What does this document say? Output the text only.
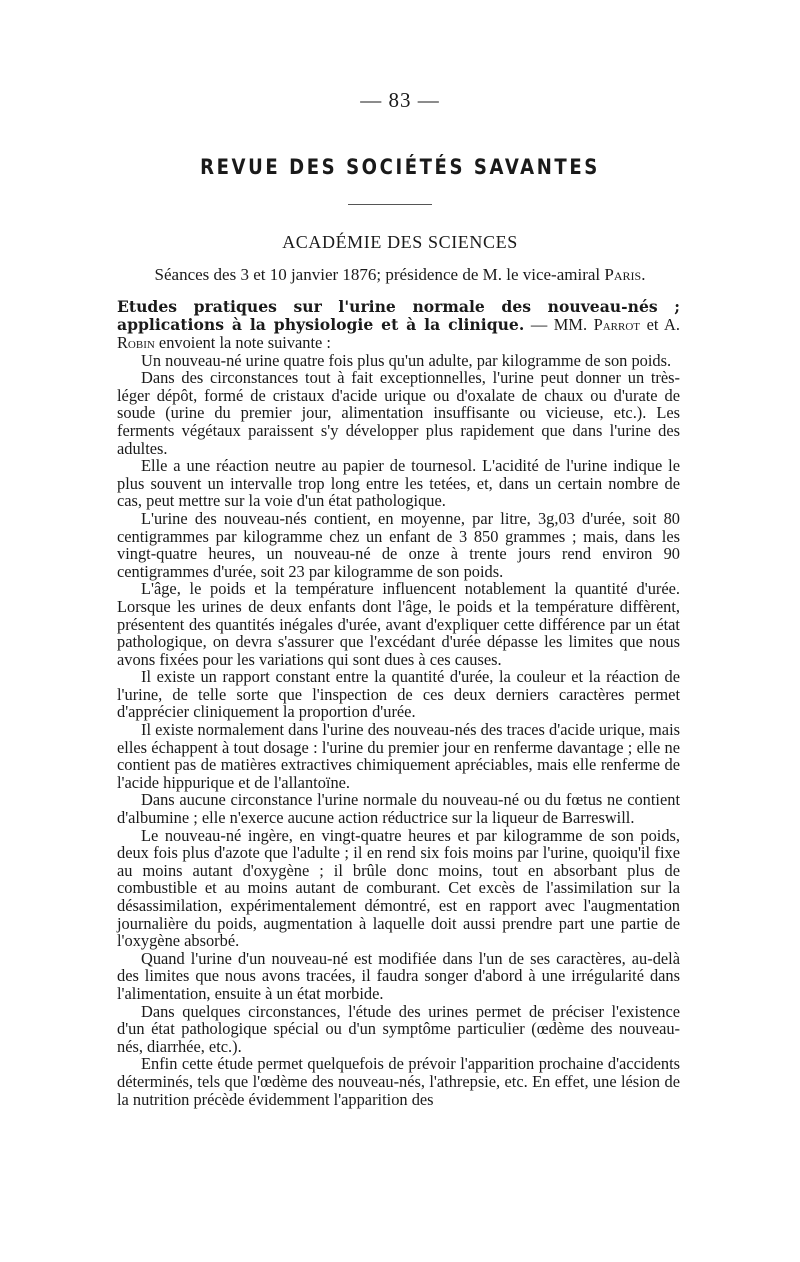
— 83 —
REVUE DES SOCIÉTÉS SAVANTES
ACADÉMIE DES SCIENCES
Séances des 3 et 10 janvier 1876; présidence de M. le vice-amiral Paris.

Etudes pratiques sur l'urine normale des nouveau-nés ; applications à la physiologie et à la clinique. — MM. Parrot et A. Robin envoient la note suivante :

Un nouveau-né urine quatre fois plus qu'un adulte, par kilogramme de son poids.

Dans des circonstances tout à fait exceptionnelles, l'urine peut donner un très-léger dépôt, formé de cristaux d'acide urique ou d'oxalate de chaux ou d'urate de soude (urine du premier jour, alimentation insuffisante ou vicieuse, etc.). Les ferments végétaux paraissent s'y développer plus rapidement que dans l'urine des adultes.

Elle a une réaction neutre au papier de tournesol. L'acidité de l'urine indique le plus souvent un intervalle trop long entre les tetées, et, dans un certain nombre de cas, peut mettre sur la voie d'un état pathologique.

L'urine des nouveau-nés contient, en moyenne, par litre, 3g,03 d'urée, soit 80 centigrammes par kilogramme chez un enfant de 3 850 grammes ; mais, dans les vingt-quatre heures, un nouveau-né de onze à trente jours rend environ 90 centigrammes d'urée, soit 23 par kilogramme de son poids.

L'âge, le poids et la température influencent notablement la quantité d'urée. Lorsque les urines de deux enfants dont l'âge, le poids et la température diffèrent, présentent des quantités inégales d'urée, avant d'expliquer cette différence par un état pathologique, on devra s'assurer que l'excédant d'urée dépasse les limites que nous avons fixées pour les variations qui sont dues à ces causes.

Il existe un rapport constant entre la quantité d'urée, la couleur et la réaction de l'urine, de telle sorte que l'inspection de ces deux derniers caractères permet d'apprécier cliniquement la proportion d'urée.

Il existe normalement dans l'urine des nouveau-nés des traces d'acide urique, mais elles échappent à tout dosage : l'urine du premier jour en renferme davantage ; elle ne contient pas de matières extractives chimiquement apréciables, mais elle renferme de l'acide hippurique et de l'allantoïne.

Dans aucune circonstance l'urine normale du nouveau-né ou du fœtus ne contient d'albumine ; elle n'exerce aucune action réductrice sur la liqueur de Barreswill.

Le nouveau-né ingère, en vingt-quatre heures et par kilogramme de son poids, deux fois plus d'azote que l'adulte ; il en rend six fois moins par l'urine, quoiqu'il fixe au moins autant d'oxygène ; il brûle donc moins, tout en absorbant plus de combustible et au moins autant de comburant. Cet excès de l'assimilation sur la désassimilation, expérimentalement démontré, est en rapport avec l'augmentation journalière du poids, augmentation à laquelle doit aussi prendre part une partie de l'oxygène absorbé.

Quand l'urine d'un nouveau-né est modifiée dans l'un de ses caractères, au-delà des limites que nous avons tracées, il faudra songer d'abord à une irrégularité dans l'alimentation, ensuite à un état morbide.

Dans quelques circonstances, l'étude des urines permet de préciser l'existence d'un état pathologique spécial ou d'un symptôme particulier (œdème des nouveau-nés, diarrhée, etc.).

Enfin cette étude permet quelquefois de prévoir l'apparition prochaine d'accidents déterminés, tels que l'œdème des nouveau-nés, l'athrepsie, etc. En effet, une lésion de la nutrition précède évidemment l'apparition des
